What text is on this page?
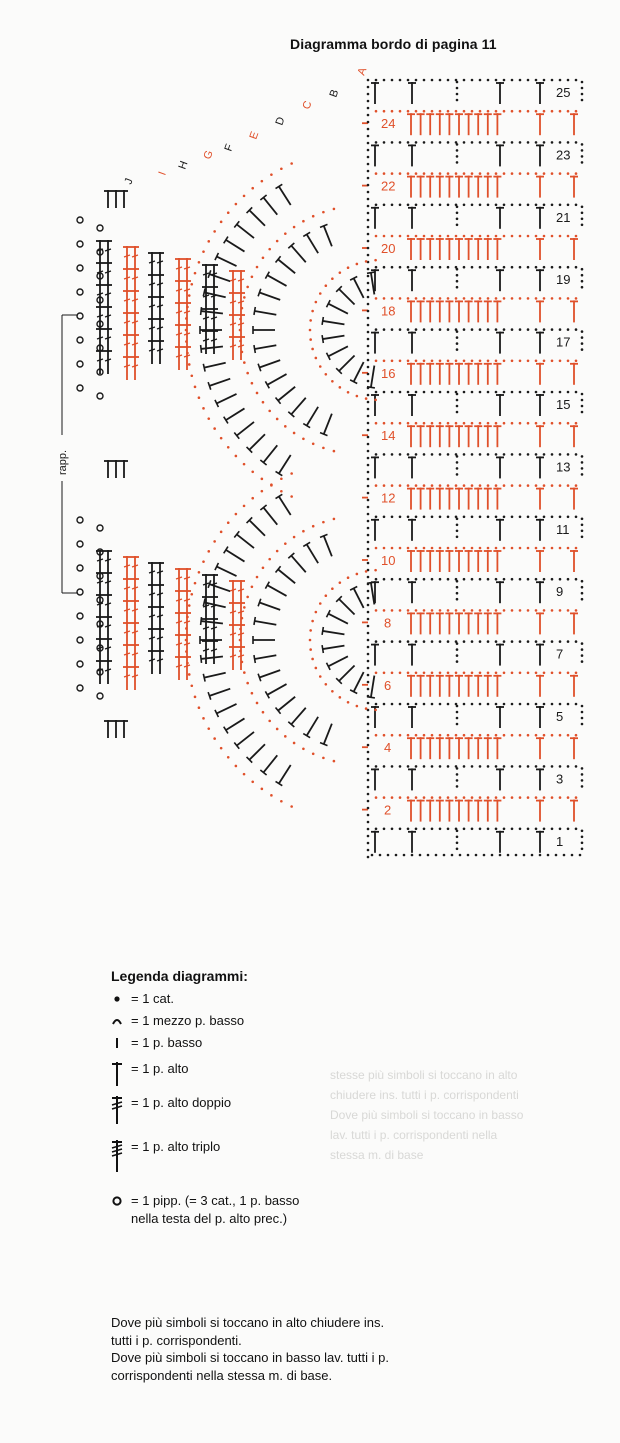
stesse più simboli si toccano in alto
chiudere ins. tutti i p. corrispondenti
Dove più simboli si toccano in basso
lav. tutti i p. corrispondenti nella
stessa m. di base
Diagramma bordo di pagina 11
25
23
21
19
17
15
13
11
9
7
5
3
1
24
22
20
18
16
14
12
10
8
6
4
2
A
B
C
D
E
F
G
H
I
J
rapp.
Legenda diagrammi:
= 1 cat.
= 1 mezzo p. basso
= 1 p. basso
= 1 p. alto
= 1 p. alto doppio
= 1 p. alto triplo
= 1 pipp. (= 3 cat., 1 p. basso
nella testa del p. alto prec.)

Dove più simboli si toccano in alto chiudere ins.

tutti i p. corrispondenti.

Dove più simboli si toccano in basso lav. tutti i p.

corrispondenti nella stessa m. di base.
